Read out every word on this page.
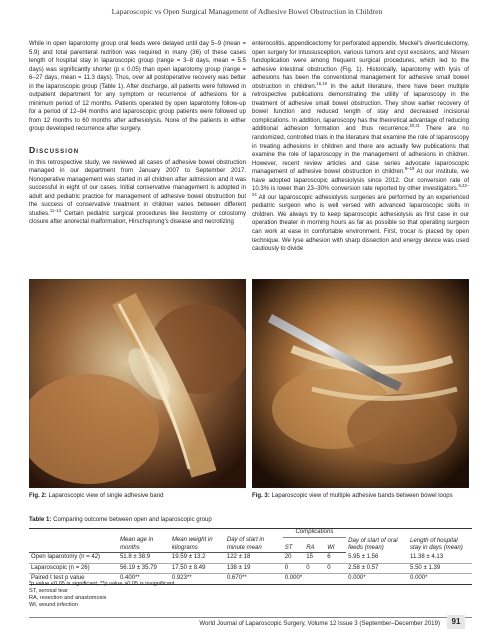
Laparoscopic vs Open Surgical Management of Adhesive Bowel Obstruction in Children

While in open laparotomy group oral feeds were delayed until day 5–9 (mean = 5.9) and total parenteral nutrition was required in many (36) of these cases length of hospital stay in laparoscopic group (range = 3–8 days, mean = 5.5 days) was significantly shorter (p ≤ 0.05) than open laparotomy group (range = 6–27 days, mean = 11.3 days). Thus, over all postoperative recovery was better in the laparoscopic group (Table 1). After discharge, all patients were followed in outpatient department for any symptom or recurrence of adhesions for a minimum period of 12 months. Patients operated by open laparotomy follow-up for a period of 12–84 months and laparoscopic group patients were followed up from 12 months to 60 months after adhesiolysis. None of the patients in either group developed recurrence after surgery.

Discussion

In this retrospective study, we reviewed all cases of adhesive bowel obstruction managed in our department from January 2007 to September 2017. Nonoperative management was started in all children after admission and it was successful in eight of our cases. Initial conservative management is adopted in adult and pediatric practice for management of adhesive bowel obstruction but the success of conservative treatment in children varies between different studies.$^{11-13}$ Certain pediatric surgical procedures like ileostomy or colostomy closure after anorectal malformation, Hirschsprung's disease and necrotizing

enterocolitis, appendicectomy for perforated appendix, Meckel's diverticulectomy, open surgery for intussusception, various tumors and cyst excisions, and Nissen fundoplication were among frequent surgical procedures, which led to the adhesive intestinal obstruction (Fig. 1). Historically, laparotomy with lysis of adhesions has been the conventional management for adhesive small bowel obstruction in children.$^{16,19}$ In the adult literature, there have been multiple retrospective publications demonstrating the utility of laparoscopy in the treatment of adhesive small bowel obstruction. They show earlier recovery of bowel function and reduced length of stay and decreased incisional complications. In addition, laparoscopy has the theoretical advantage of reducing additional adhesion formation and thus recurrence.$^{20,21}$ There are no randomized, controlled trials in the literature that examine the role of laparoscopy in treating adhesions in children and there are actually few publications that examine the role of laparoscopy in the management of adhesions in children. However, recent review articles and case series advocate laparoscopic management of adhesive bowel obstruction in children.$^{9-19}$ At our institute, we have adopted laparoscopic adhesiolysis since 2012. Our conversion rate of 10.3% is lower than 23–30% conversion rate reported by other investigators.$^{6,22-24}$ All our laparoscopic adhesiolysis surgeries are performed by an experienced pediatric surgeon who is well versed with advanced laparoscopic skills in children. We always try to keep laparoscopic adhesiolysis as first case in our operation theater in morning hours as far as possible so that operating surgeon can work at ease in comfortable environment. First, trocar is placed by open technique. We lyse adhesion with sharp dissection and energy device was used cautiously to divide

Fig. 2: Laparoscopic view of single adhesive band	Fig. 3: Laparoscopic view of multiple adhesive bands between bowel loops
Table 1: Comparing outcome between open and laparoscopic group
				Complications			Day of start of oral feeds (mean)	Length of hospital stay in days (mean)
	Mean age in months	Mean weight in kilograms	Day of start in minute mean	ST	RA	WI		
Open laparotomy (n = 42)	51.8 ± 38.9	19.59 ± 13.2	122 ± 18	20	15	6	5.95 ± 1.56	11.38 ± 4.13
Laparoscopic (n = 26)	56.19 ± 35.79	17.50 ± 8.49	138 ± 19	0	0	0	2.58 ± 0.57	5.50 ± 1.39
Paired t test p value	0.400**	0.923**	0.670**	0.000*			0.000*	0.000*
*p value <0.05 is significant; **p value >0.05 is insignificant
ST, serosal tear
RA, resection and anastomosis
WI, wound infection
World Journal of Laparoscopic Surgery, Volume 12 Issue 3 (September–December 2019)	91
